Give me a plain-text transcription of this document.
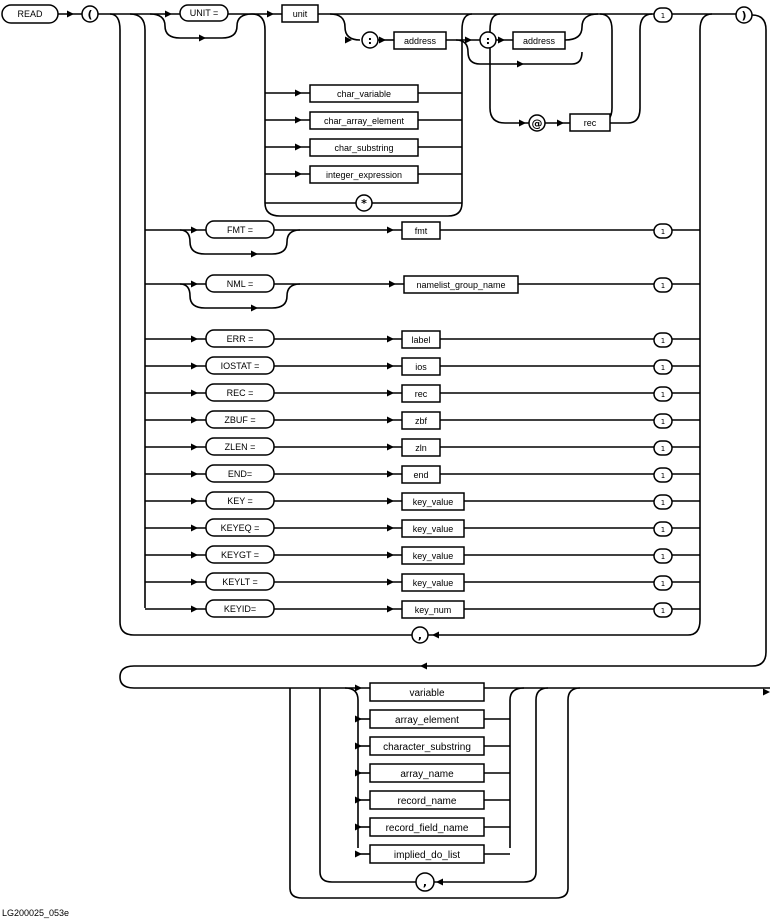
READ	(	)
UNIT =	unit
:	address	:	address
@	rec
char_variable
char_array_element
char_substring
integer_expression
*
FMT =	fmt
NML =	namelist_group_name
ERR =	label
IOSTAT =	ios
REC =	rec
ZBUF =	zbf
ZLEN =	zln
END=	end
KEY =	key_value
KEYEQ =	key_value
KEYGT =	key_value
KEYLT =	key_value
KEYID=	key_num
,
1
1
1
1
1
1
1
1
1
1
1
1
1
1
variable
array_element
character_substring
array_name
record_name
record_field_name
implied_do_list
,
LG200025_053e
